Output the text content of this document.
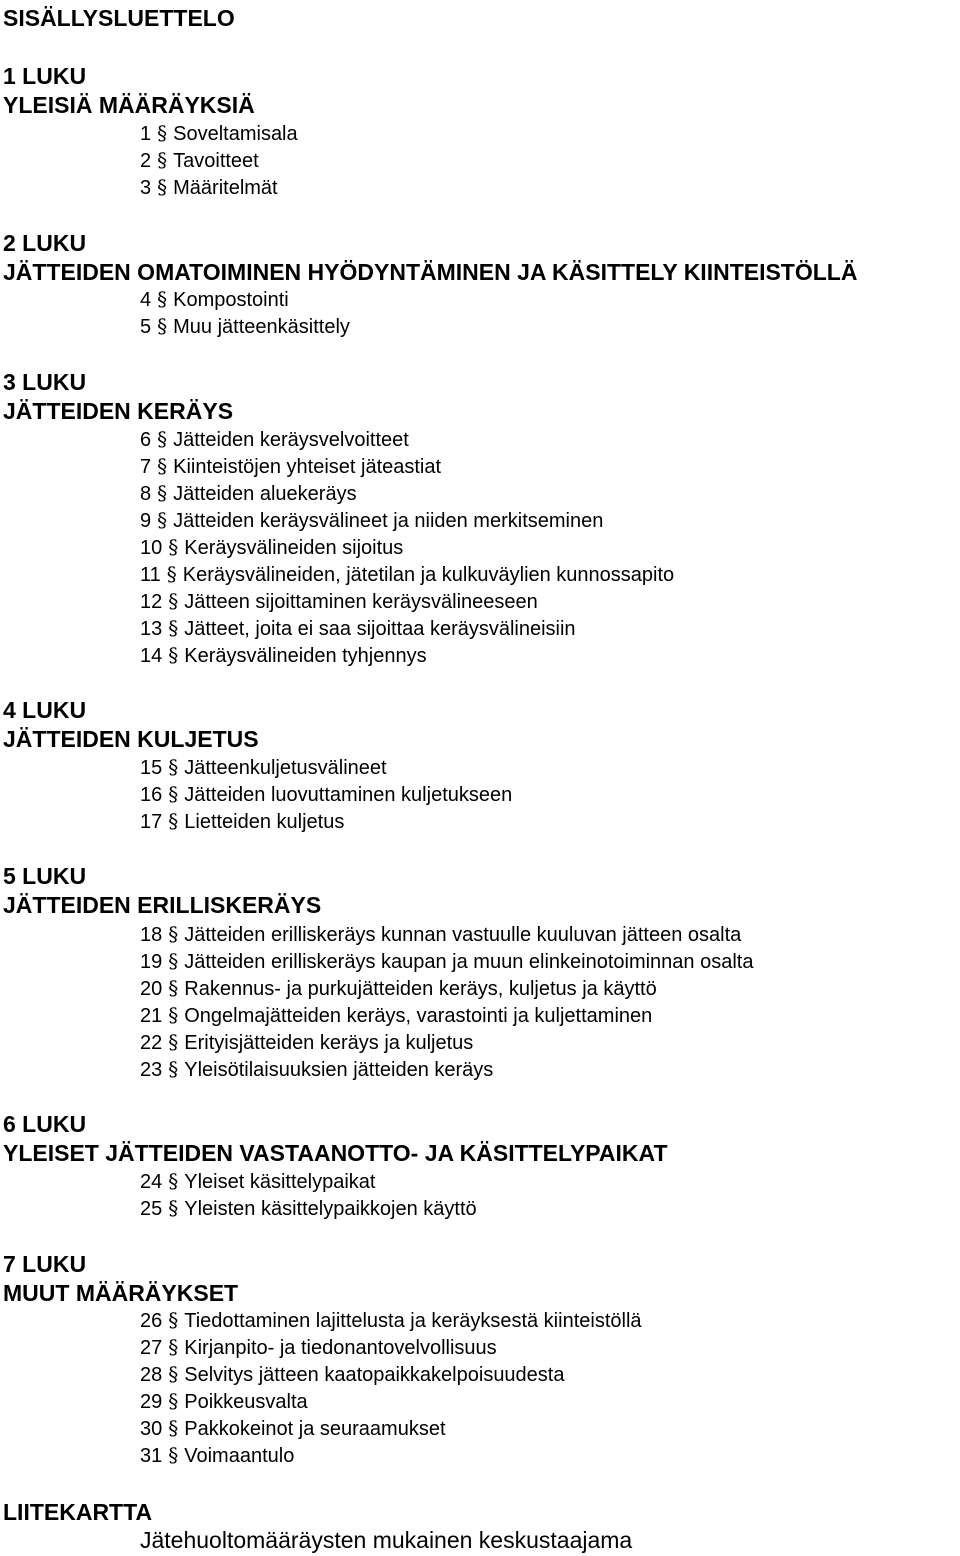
SISÄLLYSLUETTELO
1 LUKU
YLEISIÄ MÄÄRÄYKSIÄ
1 § Soveltamisala
2 § Tavoitteet
3 § Määritelmät
2 LUKU
JÄTTEIDEN OMATOIMINEN HYÖDYNTÄMINEN JA KÄSITTELY KIINTEISTÖLLÄ
4 § Kompostointi
5 § Muu jätteenkäsittely
3 LUKU
JÄTTEIDEN KERÄYS
6 § Jätteiden keräysvelvoitteet
7 § Kiinteistöjen yhteiset jäteastiat
8 § Jätteiden aluekeräys
9 § Jätteiden keräysvälineet ja niiden merkitseminen
10 § Keräysvälineiden sijoitus
11 § Keräysvälineiden, jätetilan ja kulkuväylien kunnossapito
12 § Jätteen sijoittaminen keräysvälineeseen
13 § Jätteet, joita ei saa sijoittaa keräysvälineisiin
14 § Keräysvälineiden tyhjennys
4 LUKU
JÄTTEIDEN KULJETUS
15 § Jätteenkuljetusvälineet
16 § Jätteiden luovuttaminen kuljetukseen
17 § Lietteiden kuljetus
5 LUKU
JÄTTEIDEN ERILLISKERÄYS
18 § Jätteiden erilliskeräys kunnan vastuulle kuuluvan jätteen osalta
19 § Jätteiden erilliskeräys kaupan ja muun elinkeinotoiminnan osalta
20 § Rakennus- ja purkujätteiden keräys, kuljetus ja käyttö
21 § Ongelmajätteiden keräys, varastointi ja kuljettaminen
22 § Erityisjätteiden keräys ja kuljetus
23 § Yleisötilaisuuksien jätteiden keräys
6 LUKU
YLEISET JÄTTEIDEN VASTAANOTTO- JA KÄSITTELYPAIKAT
24 § Yleiset käsittelypaikat
25 § Yleisten käsittelypaikkojen käyttö
7 LUKU
MUUT MÄÄRÄYKSET
26 § Tiedottaminen lajittelusta ja keräyksestä kiinteistöllä
27 § Kirjanpito- ja tiedonantovelvollisuus
28 § Selvitys jätteen kaatopaikkakelpoisuudesta
29 § Poikkeusvalta
30 § Pakkokeinot ja seuraamukset
31 § Voimaantulo
LIITEKARTTA
Jätehuoltomääräysten mukainen keskustaajama
